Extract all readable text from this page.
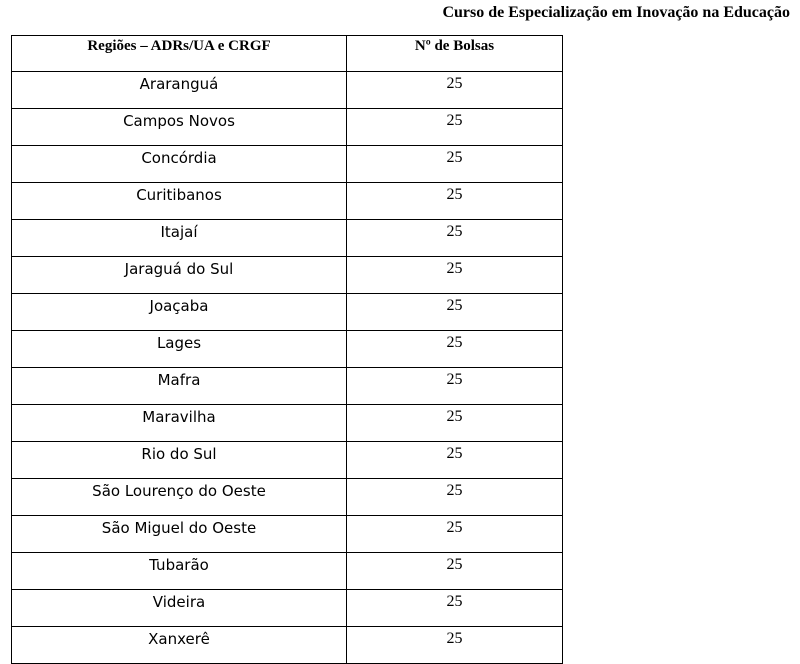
Curso de Especialização em Inovação na Educação
Regiões – ADRs/UA e CRGF	Nº de Bolsas
Araranguá	25
Campos Novos	25
Concórdia	25
Curitibanos	25
Itajaí	25
Jaraguá do Sul	25
Joaçaba	25
Lages	25
Mafra	25
Maravilha	25
Rio do Sul	25
São Lourenço do Oeste	25
São Miguel do Oeste	25
Tubarão	25
Videira	25
Xanxerê	25
